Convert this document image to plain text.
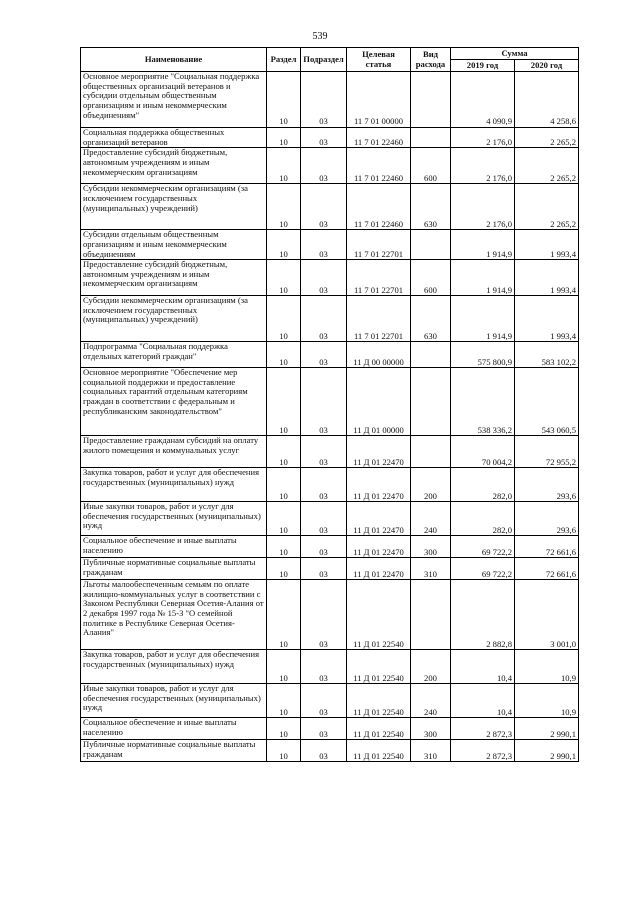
539
Наименование	Раздел	Подраздел	Целевая статья	Вид расхода	Сумма	
					2019 год	2020 год
Основное мероприятие "Социальная поддержка общественных организаций ветеранов и субсидии отдельным общественным организациям и иным некоммерческим объединениям"	10	03	11 7 01 00000		4 090,9	4 258,6
Социальная поддержка общественных организаций ветеранов	10	03	11 7 01 22460		2 176,0	2 265,2
Предоставление субсидий бюджетным, автономным учреждениям и иным некоммерческим организациям	10	03	11 7 01 22460	600	2 176,0	2 265,2
Субсидии некоммерческим организациям (за исключением государственных (муниципальных) учреждений)	10	03	11 7 01 22460	630	2 176,0	2 265,2
Субсидии отдельным общественным организациям и иным некоммерческим объединениям	10	03	11 7 01 22701		1 914,9	1 993,4
Предоставление субсидий бюджетным, автономным учреждениям и иным некоммерческим организациям	10	03	11 7 01 22701	600	1 914,9	1 993,4
Субсидии некоммерческим организациям (за исключением государственных (муниципальных) учреждений)	10	03	11 7 01 22701	630	1 914,9	1 993,4
Подпрограмма "Социальная поддержка отдельных категорий граждан"	10	03	11 Д 00 00000		575 800,9	583 102,2
Основное мероприятие "Обеспечение мер социальной поддержки и предоставление социальных гарантий отдельным категориям граждан в соответствии с федеральным и республиканским законодательством"	10	03	11 Д 01 00000		538 336,2	543 060,5
Предоставление гражданам субсидий на оплату жилого помещения и коммунальных услуг	10	03	11 Д 01 22470		70 004,2	72 955,2
Закупка товаров, работ и услуг для обеспечения государственных (муниципальных) нужд	10	03	11 Д 01 22470	200	282,0	293,6
Иные закупки товаров, работ и услуг для обеспечения государственных (муниципальных) нужд	10	03	11 Д 01 22470	240	282,0	293,6
Социальное обеспечение и иные выплаты населению	10	03	11 Д 01 22470	300	69 722,2	72 661,6
Публичные нормативные социальные выплаты гражданам	10	03	11 Д 01 22470	310	69 722,2	72 661,6
Льготы малообеспеченным семьям по оплате жилищно-коммунальных услуг в соответствии с Законом Республики Северная Осетия-Алания от 2 декабря 1997 года № 15-З "О семейной политике в Республике Северная Осетия-Алания"	10	03	11 Д 01 22540		2 882,8	3 001,0
Закупка товаров, работ и услуг для обеспечения государственных (муниципальных) нужд	10	03	11 Д 01 22540	200	10,4	10,9
Иные закупки товаров, работ и услуг для обеспечения государственных (муниципальных) нужд	10	03	11 Д 01 22540	240	10,4	10,9
Социальное обеспечение и иные выплаты населению	10	03	11 Д 01 22540	300	2 872,3	2 990,1
Публичные нормативные социальные выплаты гражданам	10	03	11 Д 01 22540	310	2 872,3	2 990,1
